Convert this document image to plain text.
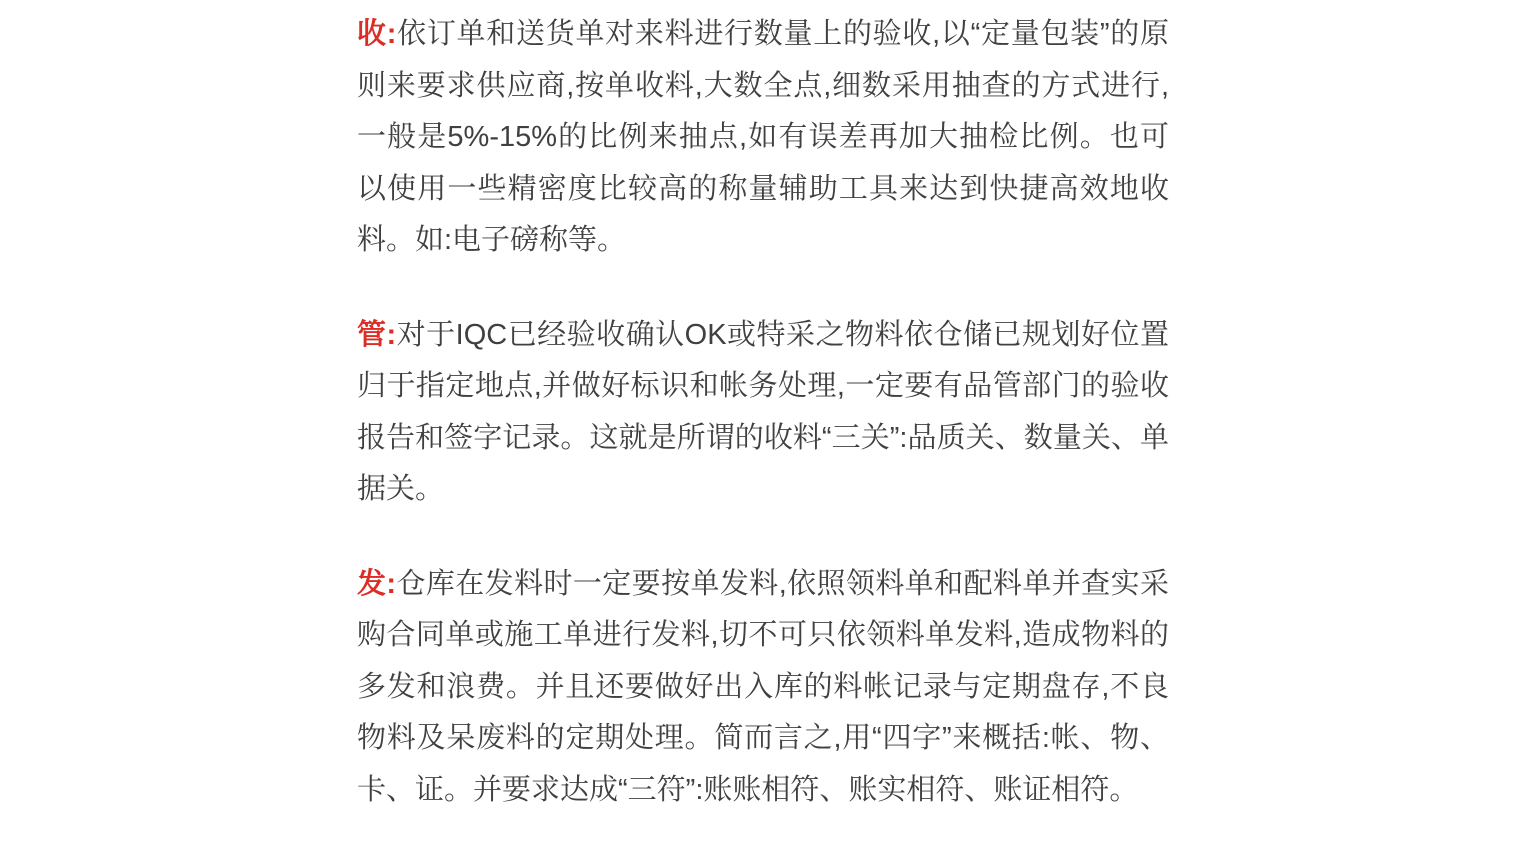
收:依订单和送货单对来料进行数量上的验收,以“定量包装”的原则来要求供应商,按单收料,大数全点,细数采用抽查的方式进行,一般是5%-15%的比例来抽点,如有误差再加大抽检比例。也可以使用一些精密度比较高的称量辅助工具来达到快捷高效地收料。如:电子磅称等。

管:对于IQC已经验收确认OK或特采之物料依仓储已规划好位置归于指定地点,并做好标识和帐务处理,一定要有品管部门的验收报告和签字记录。这就是所谓的收料“三关”:品质关、数量关、单据关。

发:仓库在发料时一定要按单发料,依照领料单和配料单并查实采购合同单或施工单进行发料,切不可只依领料单发料,造成物料的多发和浪费。并且还要做好出入库的料帐记录与定期盘存,不良物料及呆废料的定期处理。简而言之,用“四字”来概括:帐、物、卡、证。并要求达成“三符”:账账相符、账实相符、账证相符。
